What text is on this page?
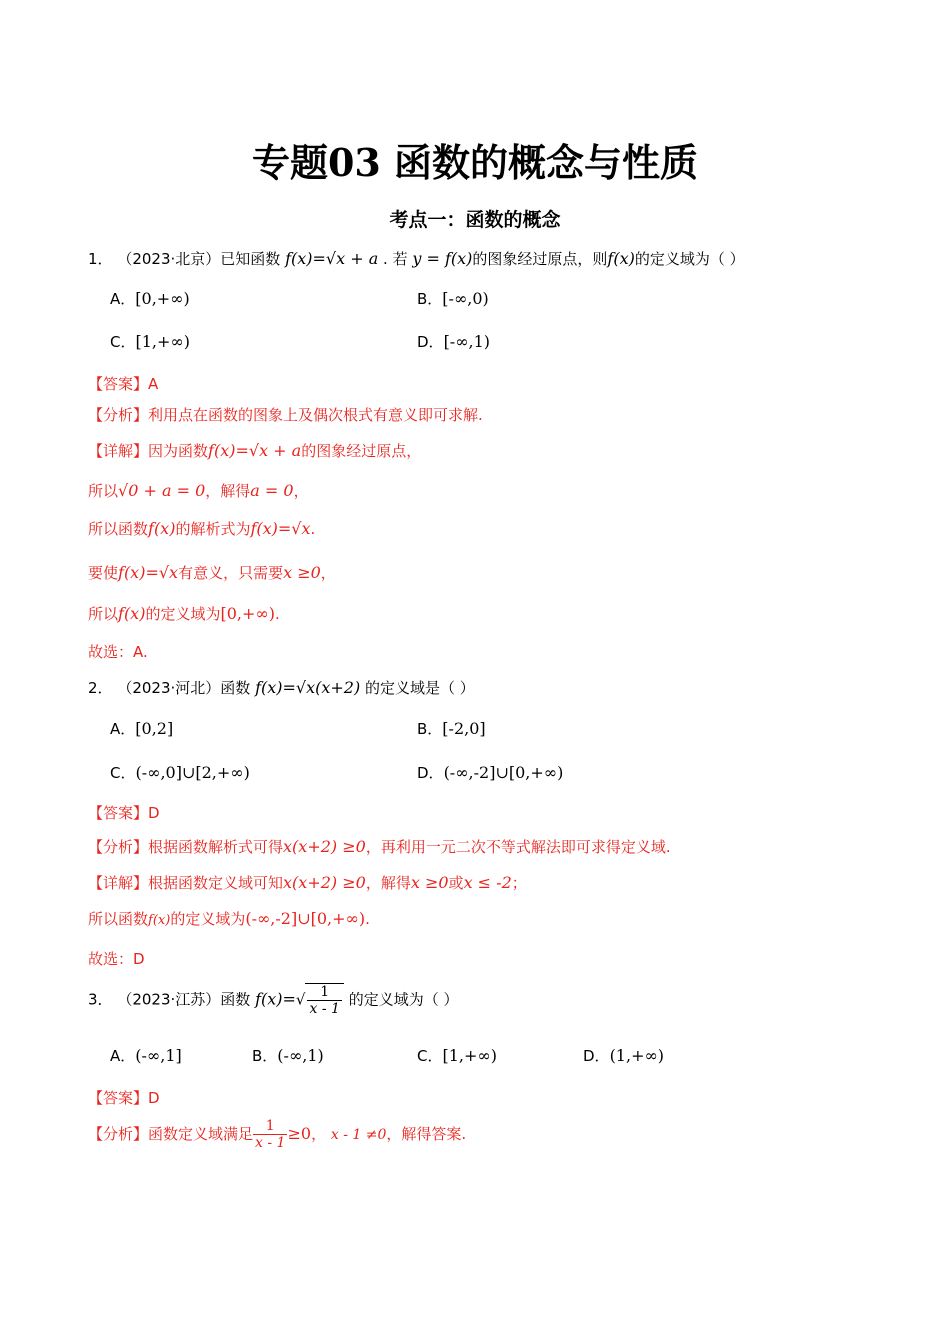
专题03 函数的概念与性质
考点一：函数的概念
1． （2023·北京）已知函数 f(x)=√x + a . 若 y = f(x)的图象经过原点，则f(x)的定义域为（ ）
A．[0,+∞)	B．[-∞,0)
C．[1,+∞)	D．[-∞,1)
【答案】A
【分析】利用点在函数的图象上及偶次根式有意义即可求解.
【详解】因为函数f(x)=√x + a的图象经过原点，
所以√0 + a = 0，解得a = 0，
所以函数f(x)的解析式为f(x)=√x.
要使f(x)=√x有意义，只需要x ≥0，
所以f(x)的定义域为[0,+∞).
故选：A.
2． （2023·河北）函数 f(x)=√x(x+2) 的定义域是（ ）
A．[0,2]	B．[-2,0]
C．(-∞,0]∪[2,+∞)	D．(-∞,-2]∪[0,+∞)
【答案】D
【分析】根据函数解析式可得x(x+2) ≥0，再利用一元二次不等式解法即可求得定义域.
【详解】根据函数定义域可知x(x+2) ≥0，解得x ≥0或x ≤ -2；
所以函数f(x)的定义域为(-∞,-2]∪[0,+∞).
故选：D
3． （2023·江苏）函数 $f(x)=√ \frac{1}{x - 1}$ 的定义域为（ ）
A．(-∞,1]	B．(-∞,1)	C．[1,+∞)	D．(1,+∞)
【答案】D
【分析】函数定义域满足 $\frac{1}{x - 1} \ge 0$， x - 1 ≠0，解得答案.
